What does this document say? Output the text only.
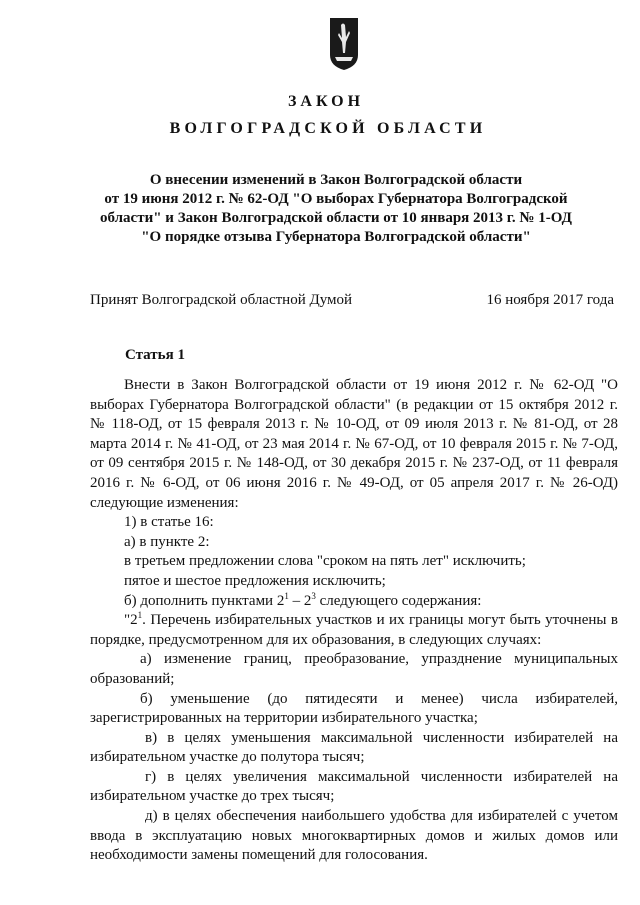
ЗАКОН
ВОЛГОГРАДСКОЙ ОБЛАСТИ
О внесении изменений в Закон Волгоградской области
от 19 июня 2012 г. № 62-ОД "О выборах Губернатора Волгоградской
области" и Закон Волгоградской области от 10 января 2013 г. № 1-ОД
"О порядке отзыва Губернатора Волгоградской области"
Принят Волгоградской областной Думой	16 ноября 2017 года
Статья 1

Внести в Закон Волгоградской области от 19 июня 2012 г. № 62-ОД "О выборах Губернатора Волгоградской области" (в редакции от 15 октября 2012 г. № 118-ОД, от 15 февраля 2013 г. № 10-ОД, от 09 июля 2013 г. № 81-ОД, от 28 марта 2014 г. № 41-ОД, от 23 мая 2014 г. № 67-ОД, от 10 февраля 2015 г. № 7-ОД, от 09 сентября 2015 г. № 148-ОД, от 30 декабря 2015 г. № 237-ОД, от 11 февраля 2016 г. № 6-ОД, от 06 июня 2016 г. № 49-ОД, от 05 апреля 2017 г. № 26-ОД) следующие изменения:

1) в статье 16:

а) в пункте 2:

в третьем предложении слова "сроком на пять лет" исключить;

пятое и шестое предложения исключить;

б) дополнить пунктами $2^1 - 2^3$ следующего содержания:

"$2^1$. Перечень избирательных участков и их границы могут быть уточнены в порядке, предусмотренном для их образования, в следующих случаях:

а) изменение границ, преобразование, упразднение муниципальных образований;

б) уменьшение (до пятидесяти и менее) числа избирателей, зарегистрированных на территории избирательного участка;

в) в целях уменьшения максимальной численности избирателей на избирательном участке до полутора тысяч;

г) в целях увеличения максимальной численности избирателей на избирательном участке до трех тысяч;

д) в целях обеспечения наибольшего удобства для избирателей с учетом ввода в эксплуатацию новых многоквартирных домов и жилых домов или необходимости замены помещений для голосования.
